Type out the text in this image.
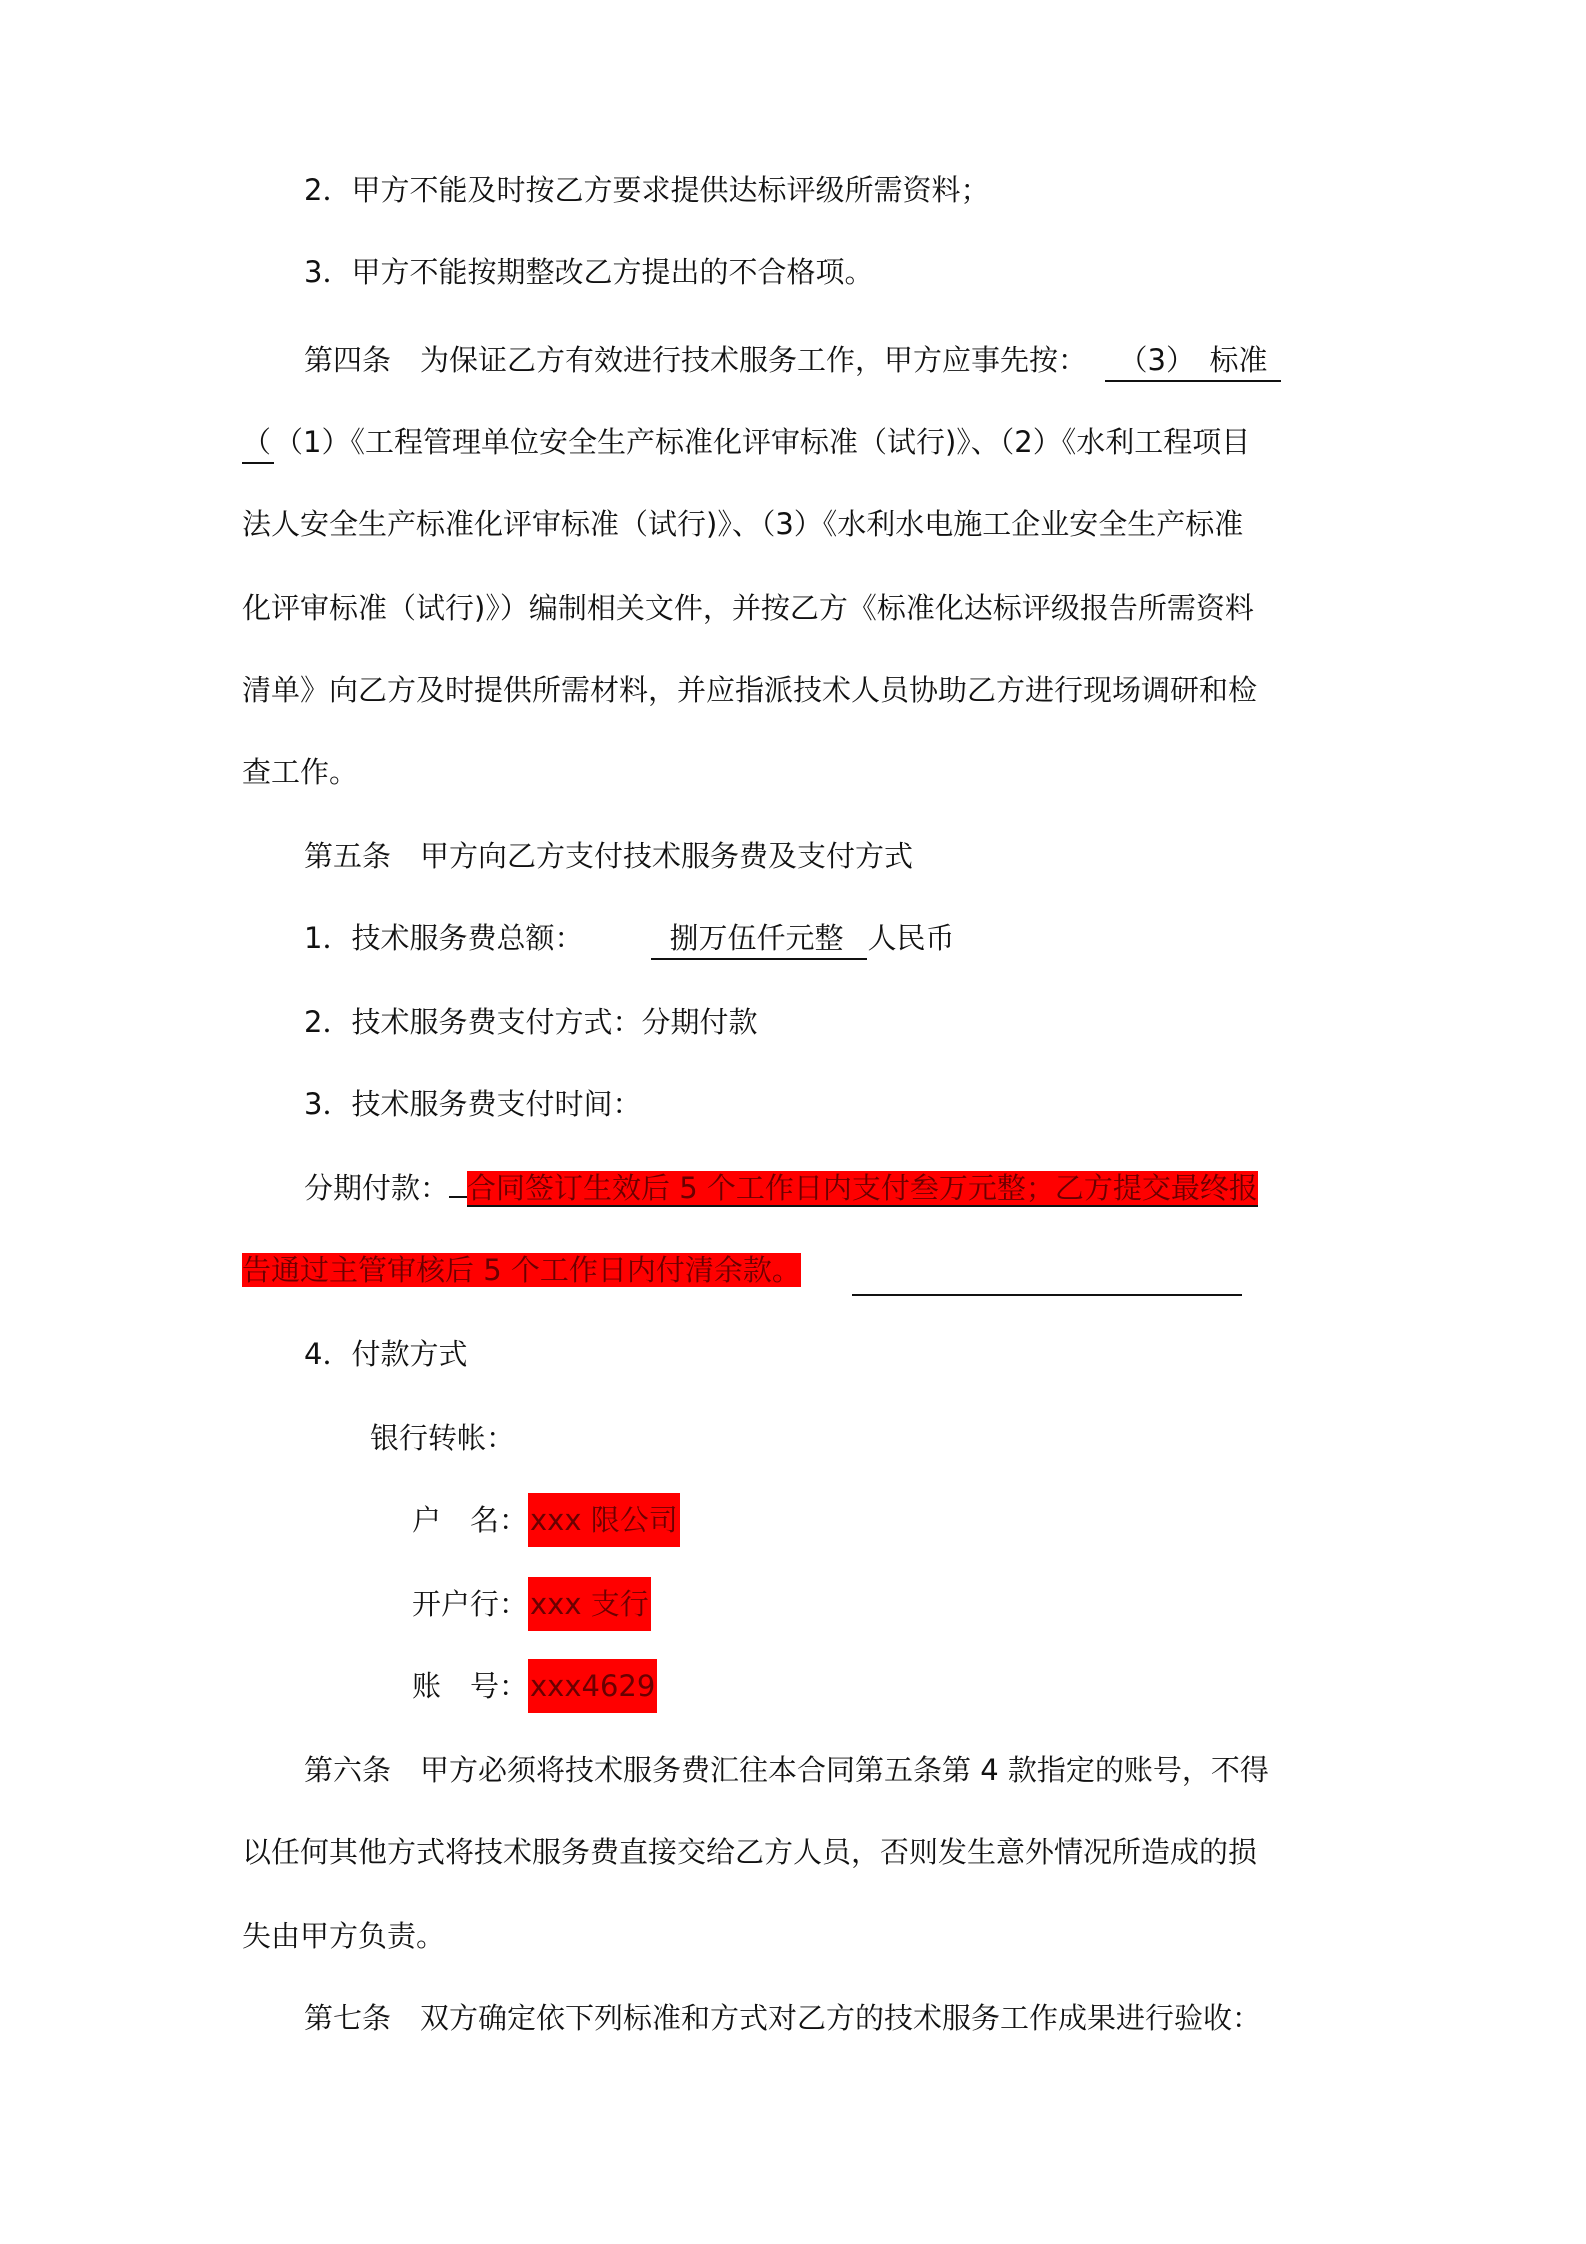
2．甲方不能及时按乙方要求提供达标评级所需资料；
3．甲方不能按期整改乙方提出的不合格项。
第四条　为保证乙方有效进行技术服务工作，甲方应事先按： （3）　标准
（ （1）《工程管理单位安全生产标准化评审标准（试行)》、（2）《水利工程项目
法人安全生产标准化评审标准（试行)》、（3）《水利水电施工企业安全生产标准
化评审标准（试行)》）编制相关文件，并按乙方《标准化达标评级报告所需资料
清单》向乙方及时提供所需材料，并应指派技术人员协助乙方进行现场调研和检
查工作。
第五条　甲方向乙方支付技术服务费及支付方式
1．技术服务费总额：	捌万伍仟元整 人民币
2．技术服务费支付方式：分期付款
3．技术服务费支付时间：
分期付款： 合同签订生效后 5 个工作日内支付叁万元整；乙方提交最终报
告通过主管审核后 5 个工作日内付清余款。
4．付款方式
银行转帐：
户　名：xxx 限公司
开户行：xxx 支行
账　号：xxx4629
第六条　甲方必须将技术服务费汇往本合同第五条第 4 款指定的账号，不得
以任何其他方式将技术服务费直接交给乙方人员，否则发生意外情况所造成的损
失由甲方负责。
第七条　双方确定依下列标准和方式对乙方的技术服务工作成果进行验收：
